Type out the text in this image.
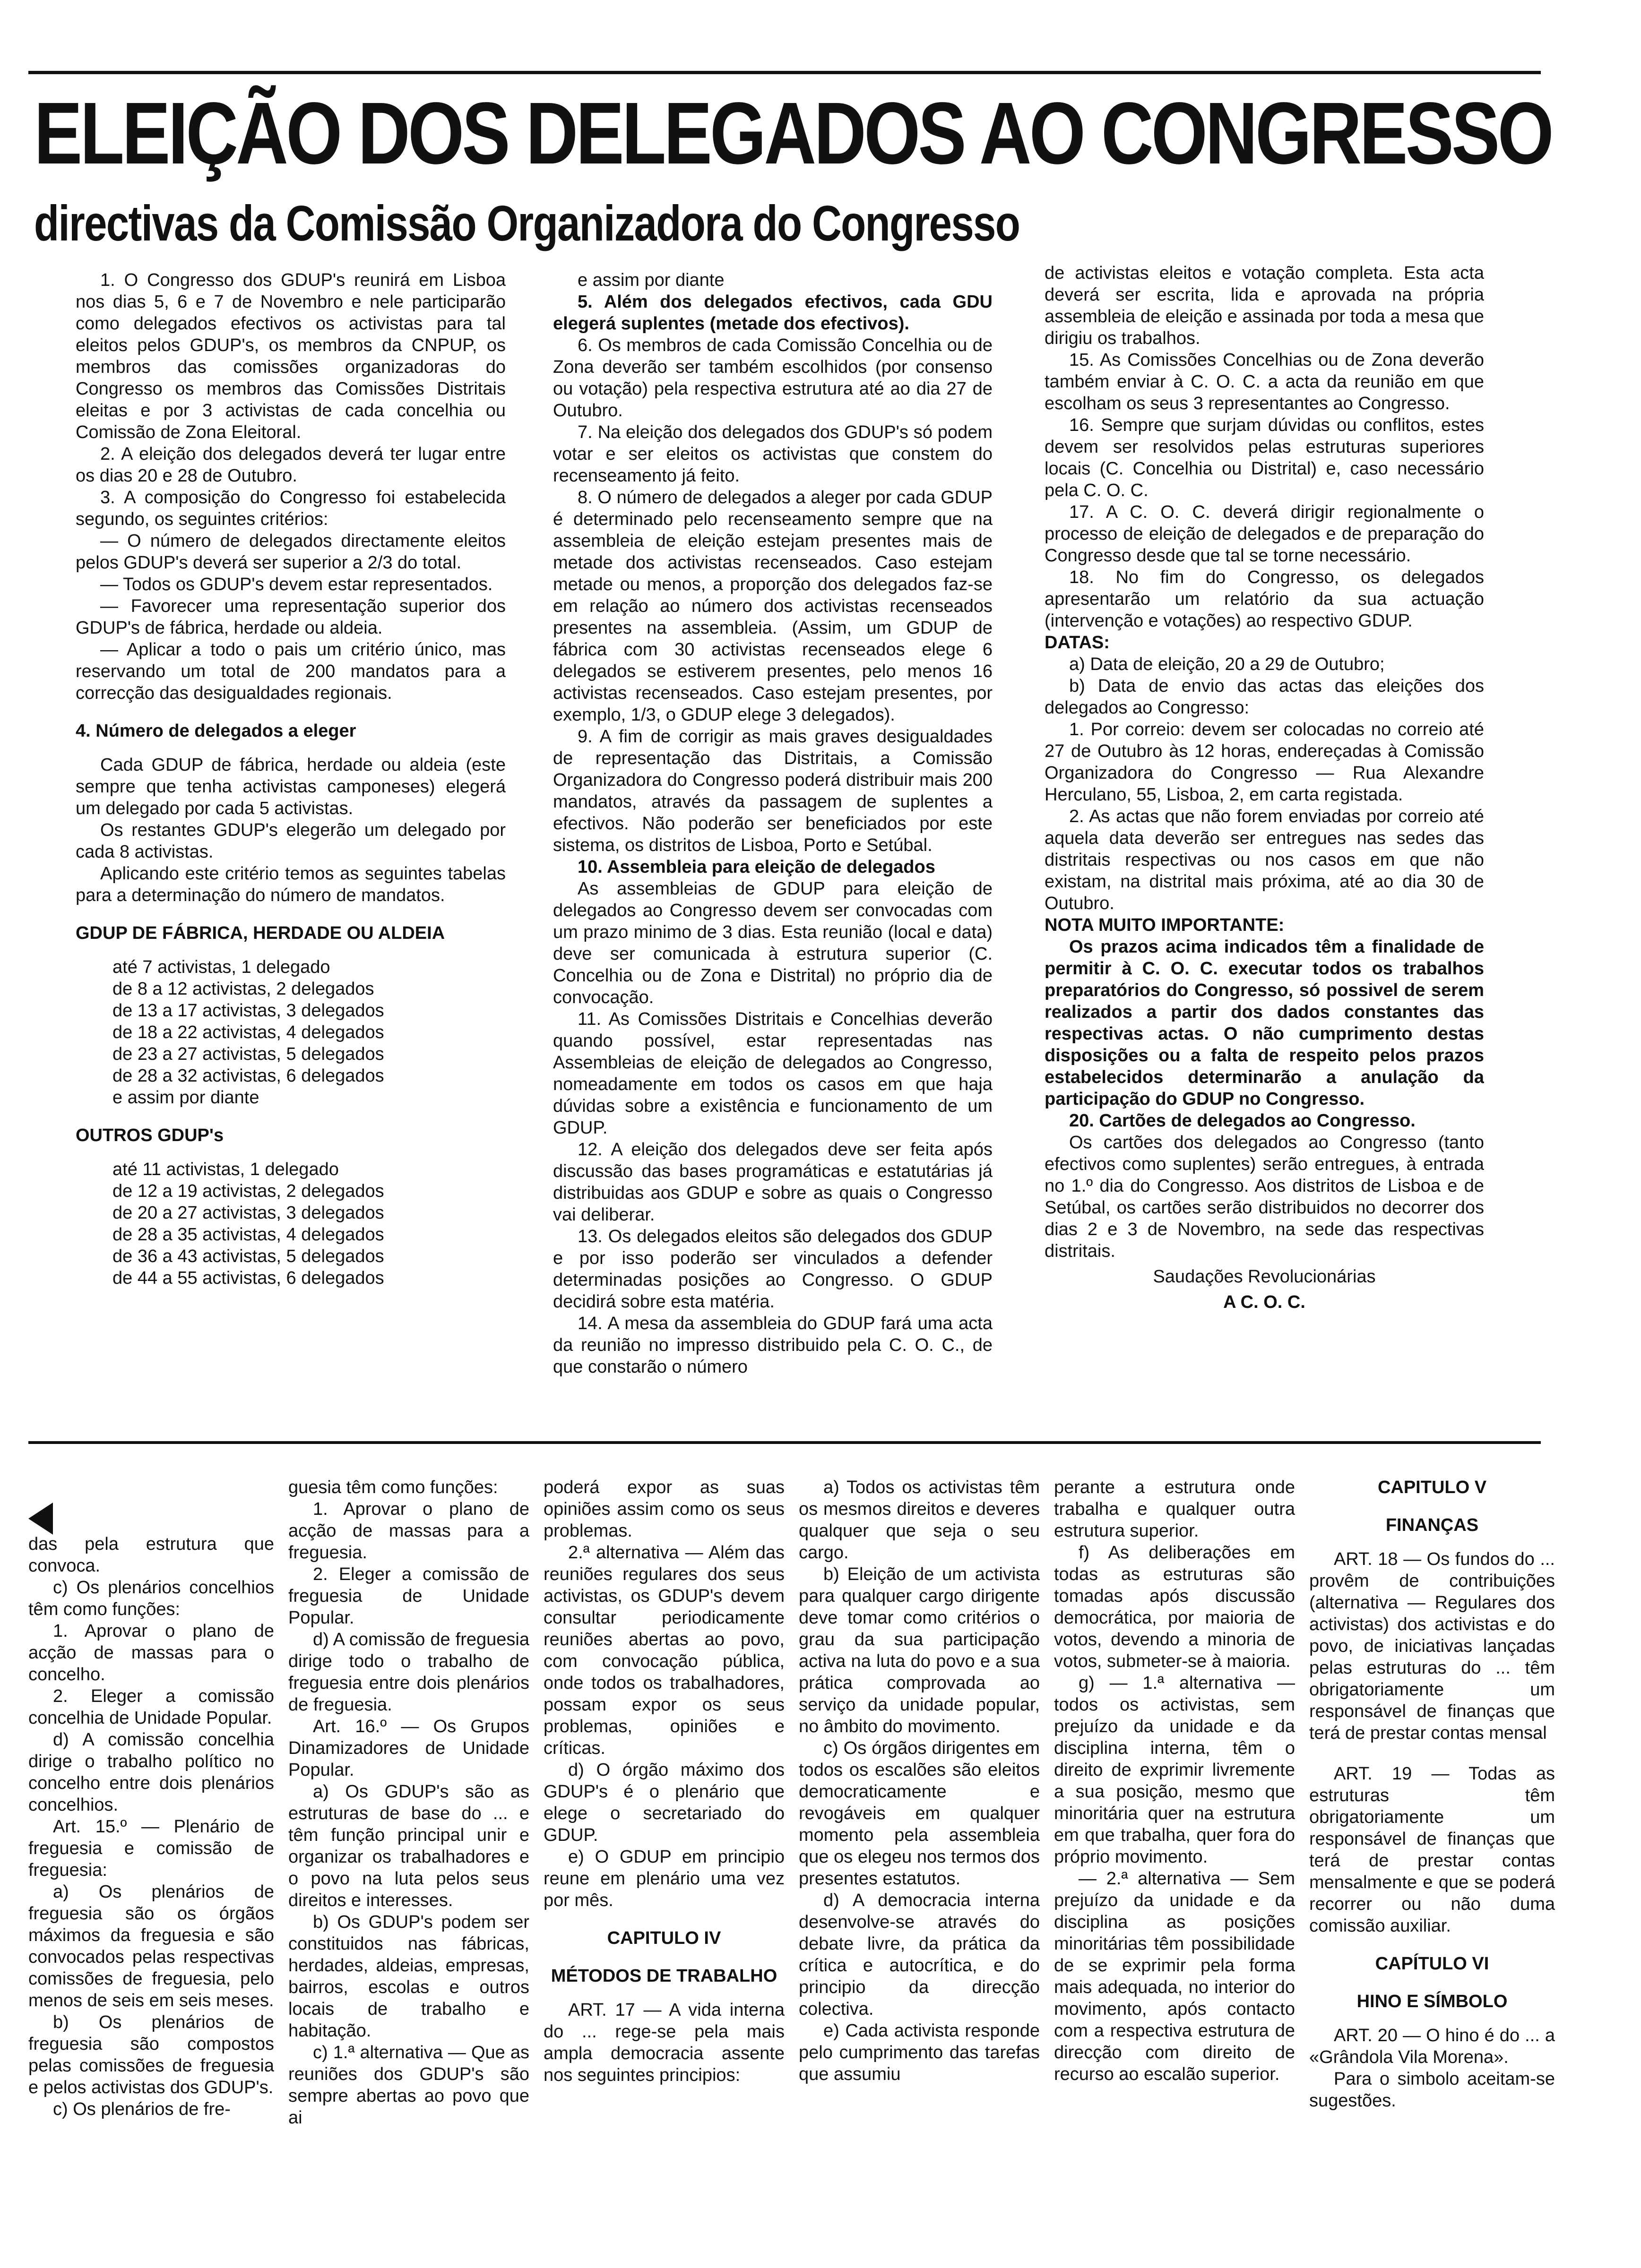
ELEIÇÃO DOS DELEGADOS AO CONGRESSO
directivas da Comissão Organizadora do Congresso

1. O Congresso dos GDUP's reunirá em Lisboa nos dias 5, 6 e 7 de Novembro e nele participarão como delegados efectivos os activistas para tal eleitos pelos GDUP's, os membros da CNPUP, os membros das comissões organizadoras do Congresso os membros das Comissões Distritais eleitas e por 3 activistas de cada concelhia ou Comissão de Zona Eleitoral.

2. A eleição dos delegados deverá ter lugar entre os dias 20 e 28 de Outubro.

3. A composição do Congresso foi estabelecida segundo, os seguintes critérios:

— O número de delegados directamente eleitos pelos GDUP's deverá ser superior a 2/3 do total.

— Todos os GDUP's devem estar representados.

— Favorecer uma representação superior dos GDUP's de fábrica, herdade ou aldeia.

— Aplicar a todo o pais um critério único, mas reservando um total de 200 mandatos para a correcção das desigualdades regionais.

4. Número de delegados a eleger

Cada GDUP de fábrica, herdade ou aldeia (este sempre que tenha activistas camponeses) elegerá um delegado por cada 5 activistas.

Os restantes GDUP's elegerão um delegado por cada 8 activistas.

Aplicando este critério temos as seguintes tabelas para a determinação do número de mandatos.

GDUP DE FÁBRICA, HERDADE OU ALDEIA

até 7 activistas, 1 delegado

de 8 a 12 activistas, 2 delegados

de 13 a 17 activistas, 3 delegados

de 18 a 22 activistas, 4 delegados

de 23 a 27 activistas, 5 delegados

de 28 a 32 activistas, 6 delegados

e assim por diante

OUTROS GDUP's

até 11 activistas, 1 delegado

de 12 a 19 activistas, 2 delegados

de 20 a 27 activistas, 3 delegados

de 28 a 35 activistas, 4 delegados

de 36 a 43 activistas, 5 delegados

de 44 a 55 activistas, 6 delegados

e assim por diante

5. Além dos delegados efectivos, cada GDU elegerá suplentes (metade dos efectivos).

6. Os membros de cada Comissão Concelhia ou de Zona deverão ser também escolhidos (por consenso ou votação) pela respectiva estrutura até ao dia 27 de Outubro.

7. Na eleição dos delegados dos GDUP's só podem votar e ser eleitos os activistas que constem do recenseamento já feito.

8. O número de delegados a aleger por cada GDUP é determinado pelo recenseamento sempre que na assembleia de eleição estejam presentes mais de metade dos activistas recenseados. Caso estejam metade ou menos, a proporção dos delegados faz-se em relação ao número dos activistas recenseados presentes na assembleia. (Assim, um GDUP de fábrica com 30 activistas recenseados elege 6 delegados se estiverem presentes, pelo menos 16 activistas recenseados. Caso estejam presentes, por exemplo, 1/3, o GDUP elege 3 delegados).

9. A fim de corrigir as mais graves desigualdades de representação das Distritais, a Comissão Organizadora do Congresso poderá distribuir mais 200 mandatos, através da passagem de suplentes a efectivos. Não poderão ser beneficiados por este sistema, os distritos de Lisboa, Porto e Setúbal.

10. Assembleia para eleição de delegados

As assembleias de GDUP para eleição de delegados ao Congresso devem ser convocadas com um prazo minimo de 3 dias. Esta reunião (local e data) deve ser comunicada à estrutura superior (C. Concelhia ou de Zona e Distrital) no próprio dia de convocação.

11. As Comissões Distritais e Concelhias deverão quando possível, estar representadas nas Assembleias de eleição de delegados ao Congresso, nomeadamente em todos os casos em que haja dúvidas sobre a existência e funcionamento de um GDUP.

12. A eleição dos delegados deve ser feita após discussão das bases programáticas e estatutárias já distribuidas aos GDUP e sobre as quais o Congresso vai deliberar.

13. Os delegados eleitos são delegados dos GDUP e por isso poderão ser vinculados a defender determinadas posições ao Congresso. O GDUP decidirá sobre esta matéria.

14. A mesa da assembleia do GDUP fará uma acta da reunião no impresso distribuido pela C. O. C., de que constarão o número

de activistas eleitos e votação completa. Esta acta deverá ser escrita, lida e aprovada na própria assembleia de eleição e assinada por toda a mesa que dirigiu os trabalhos.

15. As Comissões Concelhias ou de Zona deverão também enviar à C. O. C. a acta da reunião em que escolham os seus 3 representantes ao Congresso.

16. Sempre que surjam dúvidas ou conflitos, estes devem ser resolvidos pelas estruturas superiores locais (C. Concelhia ou Distrital) e, caso necessário pela C. O. C.

17. A C. O. C. deverá dirigir regionalmente o processo de eleição de delegados e de preparação do Congresso desde que tal se torne necessário.

18. No fim do Congresso, os delegados apresentarão um relatório da sua actuação (intervenção e votações) ao respectivo GDUP.

DATAS:

a) Data de eleição, 20 a 29 de Outubro;

b) Data de envio das actas das eleições dos delegados ao Congresso:

1. Por correio: devem ser colocadas no correio até 27 de Outubro às 12 horas, endereçadas à Comissão Organizadora do Congresso — Rua Alexandre Herculano, 55, Lisboa, 2, em carta registada.

2. As actas que não forem enviadas por correio até aquela data deverão ser entregues nas sedes das distritais respectivas ou nos casos em que não existam, na distrital mais próxima, até ao dia 30 de Outubro.

NOTA MUITO IMPORTANTE:

Os prazos acima indicados têm a finalidade de permitir à C. O. C. executar todos os trabalhos preparatórios do Congresso, só possivel de serem realizados a partir dos dados constantes das respectivas actas. O não cumprimento destas disposições ou a falta de respeito pelos prazos estabelecidos determinarão a anulação da participação do GDUP no Congresso.

20. Cartões de delegados ao Congresso.

Os cartões dos delegados ao Congresso (tanto efectivos como suplentes) serão entregues, à entrada no 1.º dia do Congresso. Aos distritos de Lisboa e de Setúbal, os cartões serão distribuidos no decorrer dos dias 2 e 3 de Novembro, na sede das respectivas distritais.

Saudações Revolucionárias

A C. O. C.

das pela estrutura que convoca.

c) Os plenários concelhios têm como funções:

1. Aprovar o plano de acção de massas para o concelho.

2. Eleger a comissão concelhia de Unidade Popular.

d) A comissão concelhia dirige o trabalho político no concelho entre dois plenários concelhios.

Art. 15.º — Plenário de freguesia e comissão de freguesia:

a) Os plenários de freguesia são os órgãos máximos da freguesia e são convocados pelas respectivas comissões de freguesia, pelo menos de seis em seis meses.

b) Os plenários de freguesia são compostos pelas comissões de freguesia e pelos activistas dos GDUP's.

c) Os plenários de fre-

guesia têm como funções:

1. Aprovar o plano de acção de massas para a freguesia.

2. Eleger a comissão de freguesia de Unidade Popular.

d) A comissão de freguesia dirige todo o trabalho de freguesia entre dois plenários de freguesia.

Art. 16.º — Os Grupos Dinamizadores de Unidade Popular.

a) Os GDUP's são as estruturas de base do ... e têm função principal unir e organizar os trabalhadores e o povo na luta pelos seus direitos e interesses.

b) Os GDUP's podem ser constituidos nas fábricas, herdades, aldeias, empresas, bairros, escolas e outros locais de trabalho e habitação.

c) 1.ª alternativa — Que as reuniões dos GDUP's são sempre abertas ao povo que ai

poderá expor as suas opiniões assim como os seus problemas.

2.ª alternativa — Além das reuniões regulares dos seus activistas, os GDUP's devem consultar periodicamente reuniões abertas ao povo, com convocação pública, onde todos os trabalhadores, possam expor os seus problemas, opiniões e críticas.

d) O órgão máximo dos GDUP's é o plenário que elege o secretariado do GDUP.

e) O GDUP em principio reune em plenário uma vez por mês.

CAPITULO IV

MÉTODOS DE TRABALHO

ART. 17 — A vida interna do ... rege-se pela mais ampla democracia assente nos seguintes principios:

a) Todos os activistas têm os mesmos direitos e deveres qualquer que seja o seu cargo.

b) Eleição de um activista para qualquer cargo dirigente deve tomar como critérios o grau da sua participação activa na luta do povo e a sua prática comprovada ao serviço da unidade popular, no âmbito do movimento.

c) Os órgãos dirigentes em todos os escalões são eleitos democraticamente e revogáveis em qualquer momento pela assembleia que os elegeu nos termos dos presentes estatutos.

d) A democracia interna desenvolve-se através do debate livre, da prática da crítica e autocrítica, e do principio da direcção colectiva.

e) Cada activista responde pelo cumprimento das tarefas que assumiu

perante a estrutura onde trabalha e qualquer outra estrutura superior.

f) As deliberações em todas as estruturas são tomadas após discussão democrática, por maioria de votos, devendo a minoria de votos, submeter-se à maioria.

g) — 1.ª alternativa — todos os activistas, sem prejuízo da unidade e da disciplina interna, têm o direito de exprimir livremente a sua posição, mesmo que minoritária quer na estrutura em que trabalha, quer fora do próprio movimento.

— 2.ª alternativa — Sem prejuízo da unidade e da disciplina as posições minoritárias têm possibilidade de se exprimir pela forma mais adequada, no interior do movimento, após contacto com a respectiva estrutura de direcção com direito de recurso ao escalão superior.

CAPITULO V

FINANÇAS

ART. 18 — Os fundos do ... provêm de contribuições (alternativa — Regulares dos activistas) dos activistas e do povo, de iniciativas lançadas pelas estruturas do ... têm obrigatoriamente um responsável de finanças que terá de prestar contas mensal

ART. 19 — Todas as estruturas têm obrigatoriamente um responsável de finanças que terá de prestar contas mensalmente e que se poderá recorrer ou não duma comissão auxiliar.

CAPÍTULO VI

HINO E SÍMBOLO

ART. 20 — O hino é do ... a «Grândola Vila Morena».

Para o simbolo aceitam-se sugestões.
